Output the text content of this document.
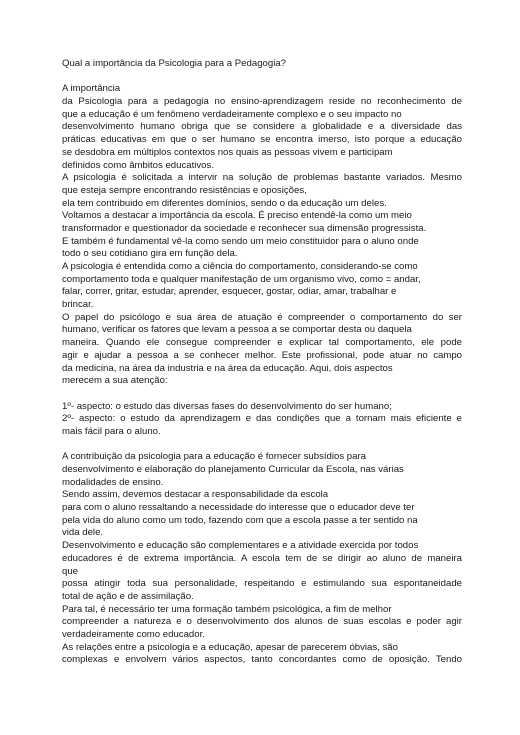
Qual a importância da Psicologia para a Pedagogia?
A importância
da Psicologia para a pedagogia no ensino-aprendizagem reside no reconhecimento de
que a educação é um fenômeno verdadeiramente complexo e o seu impacto no
desenvolvimento humano obriga que se considere a globalidade e a diversidade das
práticas educativas em que o ser humano se encontra imerso, isto porque a educação
se desdobra em múltiplos contextos nos quais as pessoas vivem e participam
definidos como âmbitos educativos.
A psicologia é solicitada a intervir na solução de problemas bastante variados. Mesmo
que esteja sempre encontrando resistências e oposições,
ela tem contribuido em diferentes domínios, sendo o da educação um deles.
Voltamos a destacar a importância da escola. É preciso entendê-la como um meio
transformador e questionador da sociedade e reconhecer sua dimensão progressista.
E também é fundamental vê-la como sendo um meio constituidor para o aluno onde
todo o seu cotidiano gira em função dela.
A psicologia é entendida como a ciência do comportamento, considerando-se como
comportamento toda e qualquer manifestação de um organismo vivo, como = andar,
falar, correr, gritar, estudar, aprender, esquecer, gostar, odiar, amar, trabalhar e
brincar.
O papel do psicólogo e sua área de atuação é compreender o comportamento do ser
humano, verificar os fatores que levam a pessoa a se comportar desta ou daquela
maneira. Quando ele consegue compreender e explicar tal comportamento, ele pode
agir e ajudar a pessoa a se conhecer melhor. Este profissional, pode atuar no campo
da medicina, na área da industria e na área da educação. Aqui, dois aspectos
merecem a sua atenção:
1º- aspecto: o estudo das diversas fases do desenvolvimento do ser humano;
2º- aspecto: o estudo da aprendizagem e das condições que a tornam mais eficiente e
mais fácil para o aluno.
A contribuição da psicologia para a educação é fornecer subsídios para
desenvolvimento e elaboração do planejamento Curricular da Escola, nas várias
modalidades de ensino.
Sendo assim, devemos destacar a responsabilidade da escola
para com o aluno ressaltando a necessidade do interesse que o educador deve ter
pela vida do aluno como um todo, fazendo com que a escola passe a ter sentido na
vida dele.
Desenvolvimento e educação são complementares e a atividade exercida por todos
educadores é de extrema importância. A escola tem de se dirigir ao aluno de maneira
que
possa atingir toda sua personalidade, respeitando e estimulando sua espontaneidade
total de ação e de assimilação.
Para tal, é necessário ter uma formação também psicológica, a fim de melhor
compreender a natureza e o desenvolvimento dos alunos de suas escolas e poder agir
verdadeiramente como educador.
As relações entre a psicologia e a educação, apesar de parecerem óbvias, são
complexas e envolvem vários aspectos, tanto concordantes como de oposição. Tendo
